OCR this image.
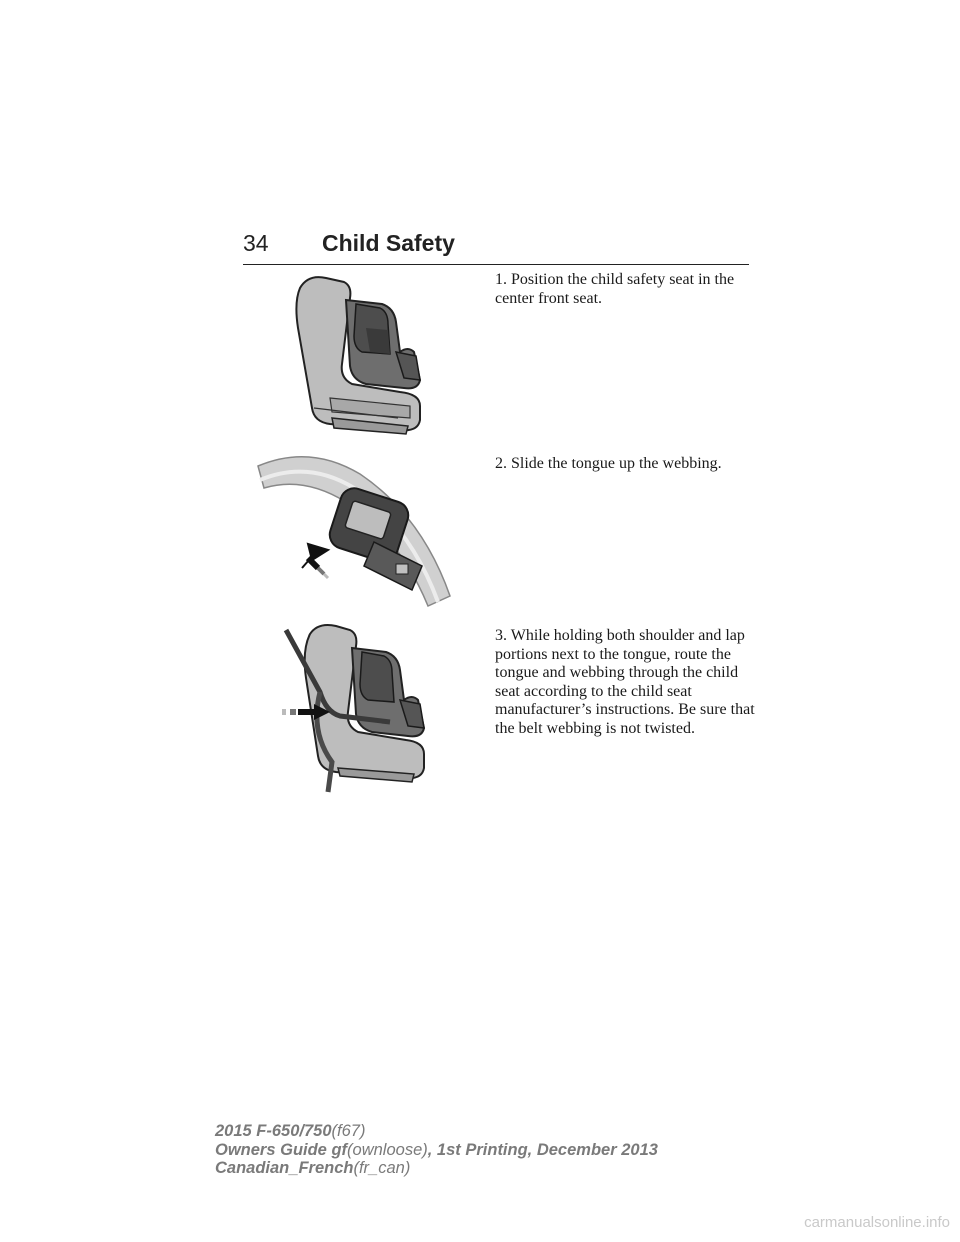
34 Child Safety
1. Position the child safety seat in the center front seat.
2. Slide the tongue up the webbing.
3. While holding both shoulder and lap portions next to the tongue, route the tongue and webbing through the child seat according to the child seat manufacturer’s instructions. Be sure that the belt webbing is not twisted.
2015 F-650/750(f67)
Owners Guide gf(ownloose), 1st Printing, December 2013
Canadian_French(fr_can)
carmanualsonline.info
